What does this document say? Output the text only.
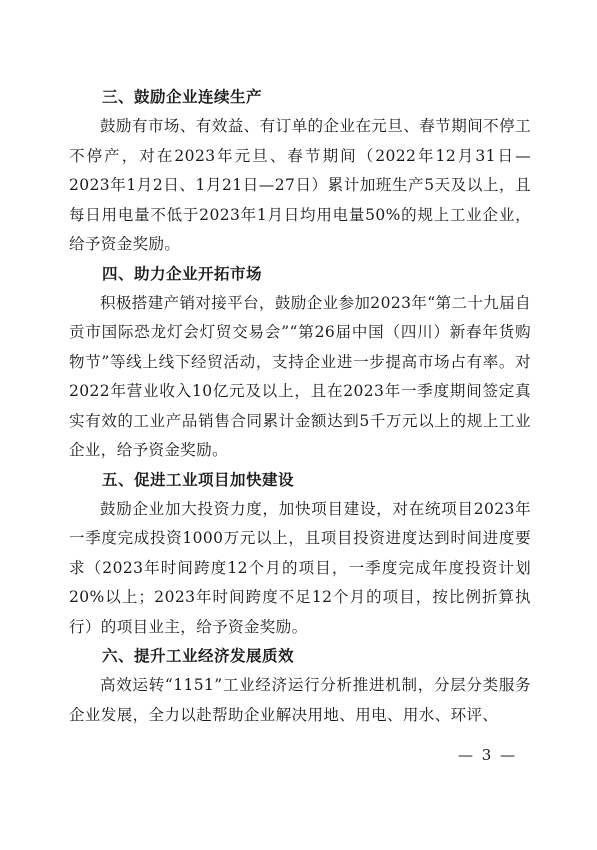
三、鼓励企业连续生产

鼓励有市场、有效益、有订单的企业在元旦、春节期间不停工不停产，对在2023年元旦、春节期间（2022年12月31日—2023年1月2日、1月21日—27日）累计加班生产5天及以上，且每日用电量不低于2023年1月日均用电量50%的规上工业企业，给予资金奖励。

四、助力企业开拓市场

积极搭建产销对接平台，鼓励企业参加2023年“第二十九届自贡市国际恐龙灯会灯贸交易会”“第26届中国（四川）新春年货购物节”等线上线下经贸活动，支持企业进一步提高市场占有率。对2022年营业收入10亿元及以上，且在2023年一季度期间签定真实有效的工业产品销售合同累计金额达到5千万元以上的规上工业企业，给予资金奖励。

五、促进工业项目加快建设

鼓励企业加大投资力度，加快项目建设，对在统项目2023年一季度完成投资1000万元以上，且项目投资进度达到时间进度要求（2023年时间跨度12个月的项目，一季度完成年度投资计划20%以上；2023年时间跨度不足12个月的项目，按比例折算执行）的项目业主，给予资金奖励。

六、提升工业经济发展质效

高效运转“1151”工业经济运行分析推进机制，分层分类服务企业发展，全力以赴帮助企业解决用地、用电、用水、环评、

— 3 —
